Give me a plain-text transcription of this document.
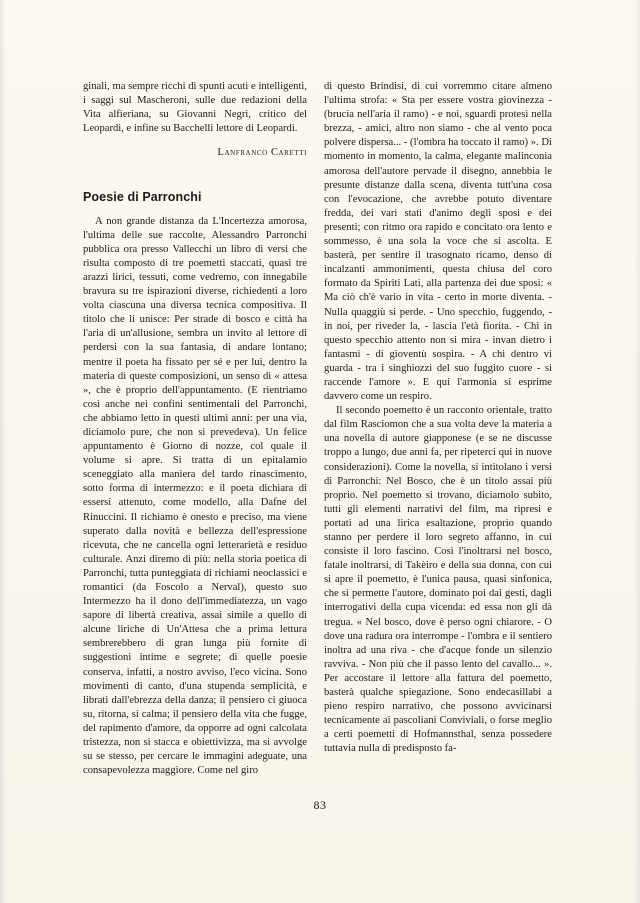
ginali, ma sempre ricchi di spunti acuti e intelligenti, i saggi sul Mascheroni, sulle due redazioni della Vita alfieriana, su Giovanni Negri, critico del Leopardi, e infine su Bacchelli lettore di Leopardi.

Lanfranco Caretti
Poesie di Parronchi

A non grande distanza da L'Incertezza amorosa, l'ultima delle sue raccolte, Alessandro Parronchi pubblica ora presso Vallecchi un libro di versi che risulta composto di tre poemetti staccati, quasi tre arazzi lirici, tessuti, come vedremo, con innegabile bravura su tre ispirazioni diverse, richiedenti a loro volta ciascuna una diversa tecnica compositiva. Il titolo che li unisce: Per strade di bosco e città ha l'aria di un'allusione, sembra un invito al lettore di perdersi con la sua fantasia, di andare lontano; mentre il poeta ha fissato per sé e per lui, dentro la materia di queste composizioni, un senso di « attesa », che è proprio dell'appuntamento. (E rientriamo così anche nei confini sentimentali del Parronchi, che abbiamo letto in questi ultimi anni: per una via, diciamolo pure, che non si prevedeva). Un felice appuntamento è Giorno di nozze, col quale il volume si apre. Si tratta di un epitalamio sceneggiato alla maniera del tardo rinascimento, sotto forma di intermezzo: e il poeta dichiara di essersi attenuto, come modello, alla Dafne del Rinuccini. Il richiamo è onesto e preciso, ma viene superato dalla novità e bellezza dell'espressione ricevuta, che ne cancella ogni letterarietà e residuo culturale. Anzi diremo di più: nella storia poetica di Parronchi, tutta punteggiata di richiami neoclassici e romantici (da Foscolo a Nerval), questo suo Intermezzo ha il dono dell'immediatezza, un vago sapore di libertà creativa, assai simile a quello di alcune liriche di Un'Attesa che a prima lettura sembrerebbero di gran lunga più fornite di suggestioni intime e segrete; di quelle poesie conserva, infatti, a nostro avviso, l'eco vicina. Sono movimenti di canto, d'una stupenda semplicità, e librati dall'ebrezza della danza; il pensiero ci giuoca su, ritorna, si calma; il pensiero della vita che fugge, del rapimento d'amore, da opporre ad ogni calcolata tristezza, non si stacca e obiettivizza, ma si avvolge su se stesso, per cercare le immagini adeguate, una consapevolezza maggiore. Come nel giro

di questo Brindisi, di cui vorremmo citare almeno l'ultima strofa: « Sta per essere vostra giovinezza - (brucia nell'aria il ramo) - e noi, sguardi protesi nella brezza, - amici, altro non siamo - che al vento poca polvere dispersa... - (l'ombra ha toccato il ramo) ». Di momento in momento, la calma, elegante malinconia amorosa dell'autore pervade il disegno, annebbia le presunte distanze dalla scena, diventa tutt'una cosa con l'evocazione, che avrebbe potuto diventare fredda, dei vari stati d'animo degli sposi e dei presenti; con ritmo ora rapido e concitato ora lento e sommesso, è una sola la voce che si ascolta. E basterà, per sentire il trasognato ricamo, denso di incalzanti ammonimenti, questa chiusa del coro formato da Spiriti Lati, alla partenza dei due sposi: « Ma ciò ch'è vario in vita - certo in morte diventa. - Nulla quaggiù si perde. - Uno specchio, fuggendo, - in noi, per riveder la, - lascia l'età fiorita. - Chi in questo specchio attento non si mira - invan dietro i fantasmi - di gioventù sospira. - A chi dentro vi guarda - tra i singhiozzi del suo fuggito cuore - si raccende l'amore ». E qui l'armonia si esprime davvero come un respiro.

Il secondo poemetto è un racconto orientale, tratto dal film Rasciomon che a sua volta deve la materia a una novella di autore giapponese (e se ne discusse troppo a lungo, due anni fa, per ripeterci qui in nuove considerazioni). Come la novella, si intitolano i versi di Parronchi: Nel Bosco, che è un titolo assai più proprio. Nel poemetto si trovano, diciamolo subito, tutti gli elementi narrativi del film, ma ripresi e portati ad una lirica esaltazione, proprio quando stanno per perdere il loro segreto affanno, in cui consiste il loro fascino. Così l'inoltrarsi nel bosco, fatale inoltrarsi, di Takèiro e della sua donna, con cui si apre il poemetto, è l'unica pausa, quasi sinfonica, che si permette l'autore, dominato poi dai gesti, dagli interrogativi della cupa vicenda: ed essa non gli dà tregua. « Nel bosco, dove è perso ogni chiarore. - O dove una radura ora interrompe - l'ombra e il sentiero inoltra ad una riva - che d'acque fonde un silenzio ravviva. - Non più che il passo lento del cavallo... ». Per accostare il lettore alla fattura del poemetto, basterà qualche spiegazione. Sono endecasillabi a pieno respiro narrativo, che possono avvicinarsi tecnicamente ai pascoliani Conviviali, o forse meglio a certi poemetti di Hofmannsthal, senza possedere tuttavia nulla di predisposto fa-

83
